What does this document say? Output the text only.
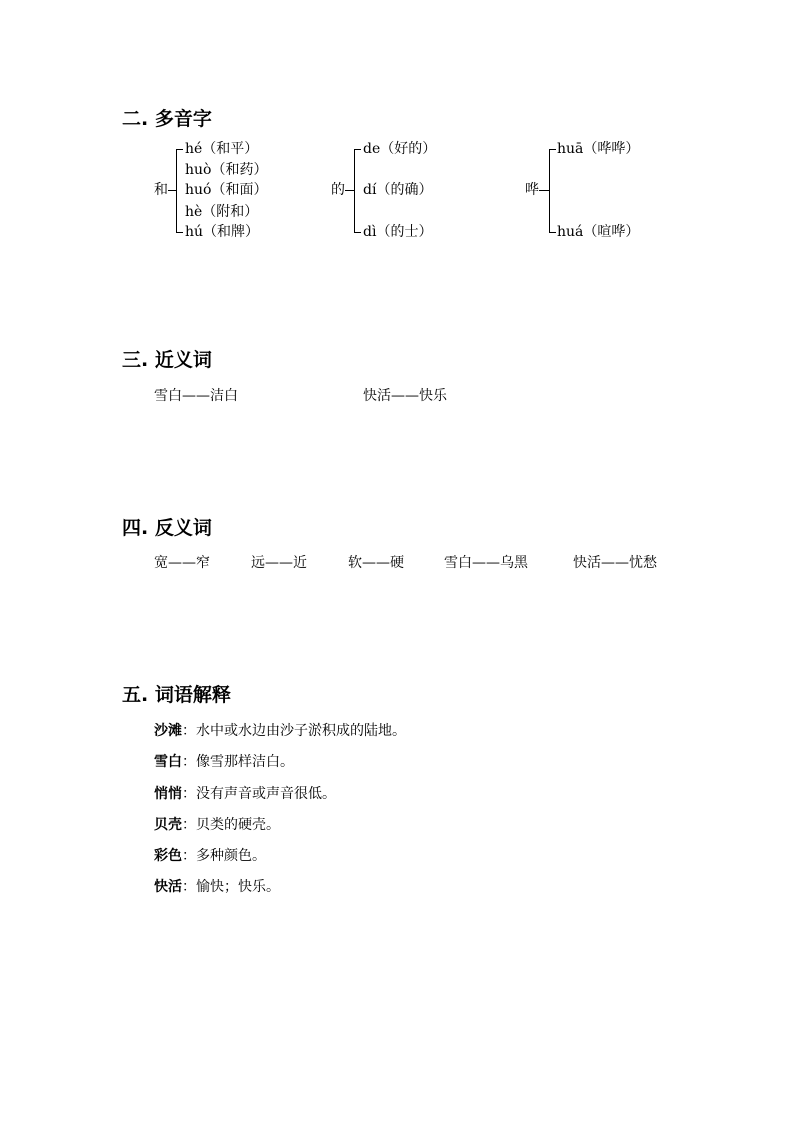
二. 多音字
和
hé（和平）
huò（和药）
huó（和面）
hè（附和）
hú（和牌）
的
de（好的）
dí（的确）
dì（的士）
哗
huā（哗哗）
huá（喧哗）
三. 近义词
雪白——洁白	快活——快乐
四. 反义词
宽——窄	远——近	软——硬	雪白——乌黑	快活——忧愁
五. 词语解释
沙滩：水中或水边由沙子淤积成的陆地。
雪白：像雪那样洁白。
悄悄：没有声音或声音很低。
贝壳：贝类的硬壳。
彩色：多种颜色。
快活：愉快；快乐。
